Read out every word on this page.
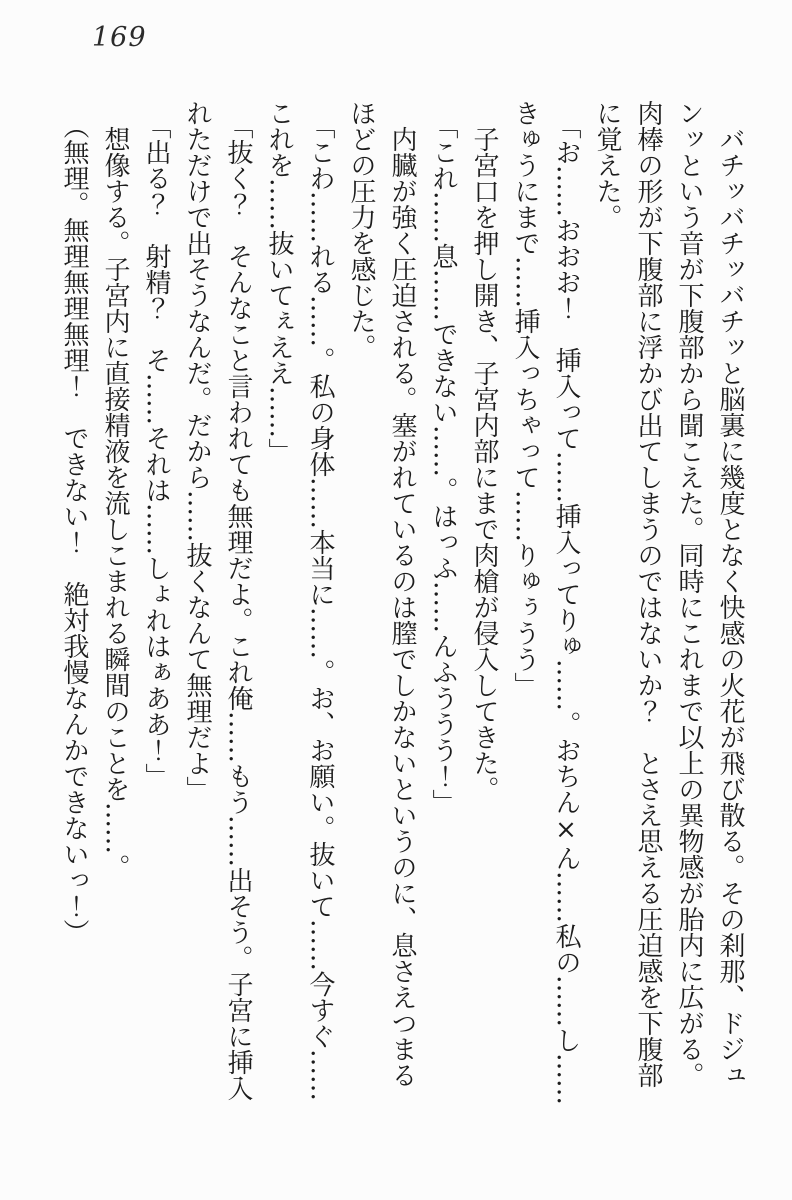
169

バチッバチッバチッと脳裏に幾度となく快感の火花が飛び散る。その刹那、ドジュ

ンッという音が下腹部から聞こえた。同時にこれまで以上の異物感が胎内に広がる。

肉棒の形が下腹部に浮かび出てしまうのではないか？　とさえ思える圧迫感を下腹部

に覚えた。

「お……おおお！　挿入って……挿入ってりゅ……。おちん×ん……私の……し……

きゅうにまで……挿入っちゃって……りゅぅうう」

子宮口を押し開き、子宮内部にまで肉槍が侵入してきた。

「これ……息……できない……。はっふ……んふううう！」

内臓が強く圧迫される。塞がれているのは膣でしかないというのに、息さえつまる

ほどの圧力を感じた。

「こわ……れる……。私の身体……本当に……。お、お願い。抜いて……今すぐ……

これを……抜いてぇええ……」

「抜く？　そんなこと言われても無理だよ。これ俺……もう……出そう。子宮に挿入

れただけで出そうなんだ。だから……抜くなんて無理だよ」

「出る？　射精？　そ……それは……しょれはぁああ！」

想像する。子宮内に直接精液を流しこまれる瞬間のことを……。

（無理。無理無理無理！　できない！　絶対我慢なんかできないっ！）
